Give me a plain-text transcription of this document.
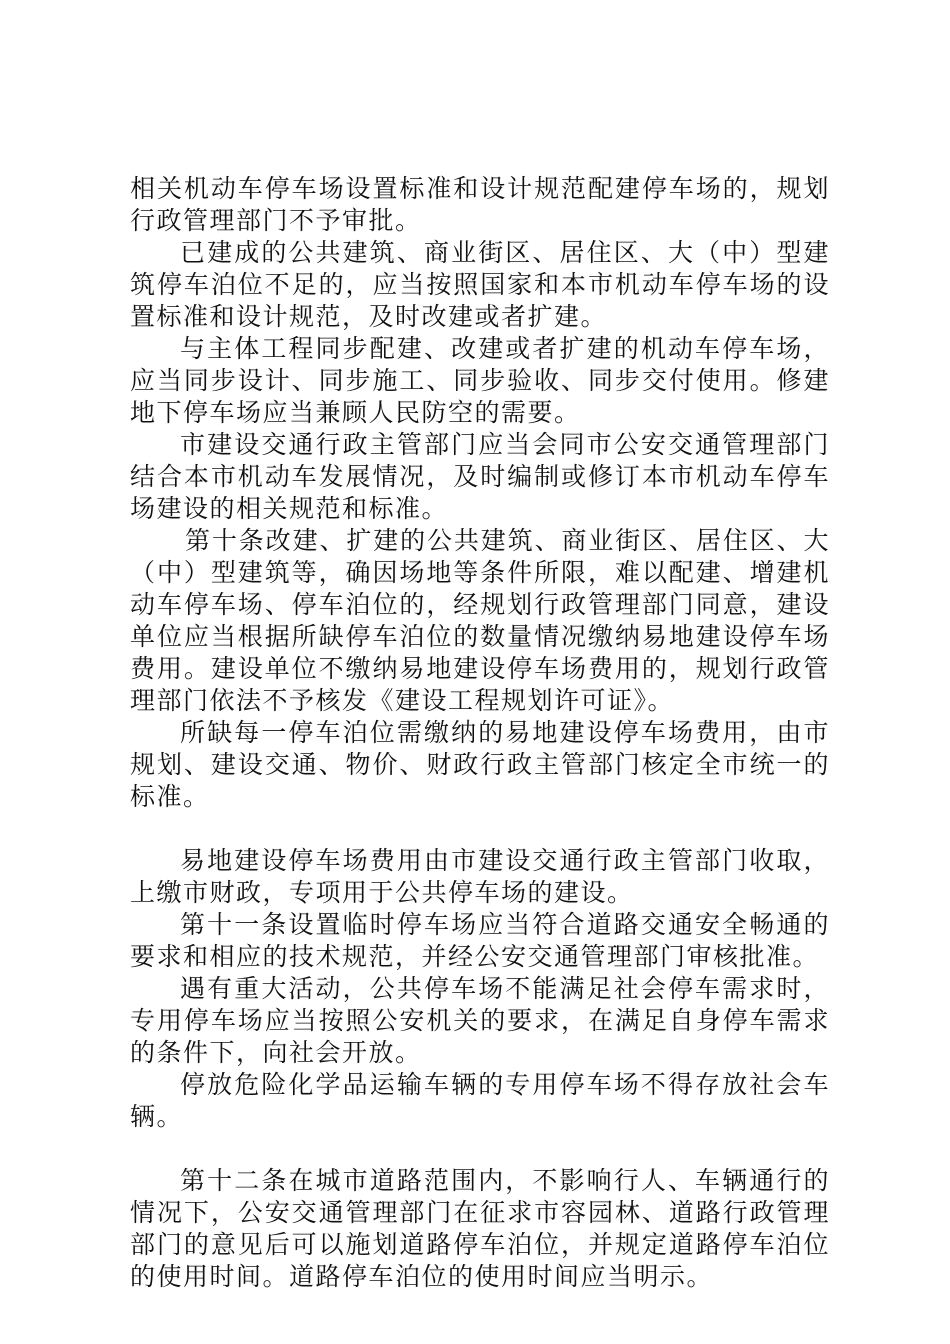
相关机动车停车场设置标准和设计规范配建停车场的，规划行政管理部门不予审批。

已建成的公共建筑、商业街区、居住区、大（中）型建筑停车泊位不足的，应当按照国家和本市机动车停车场的设置标准和设计规范，及时改建或者扩建。

与主体工程同步配建、改建或者扩建的机动车停车场，应当同步设计、同步施工、同步验收、同步交付使用。修建地下停车场应当兼顾人民防空的需要。

市建设交通行政主管部门应当会同市公安交通管理部门结合本市机动车发展情况，及时编制或修订本市机动车停车场建设的相关规范和标准。

第十条改建、扩建的公共建筑、商业街区、居住区、大（中）型建筑等，确因场地等条件所限，难以配建、增建机动车停车场、停车泊位的，经规划行政管理部门同意，建设单位应当根据所缺停车泊位的数量情况缴纳易地建设停车场费用。建设单位不缴纳易地建设停车场费用的，规划行政管理部门依法不予核发《建设工程规划许可证》。

所缺每一停车泊位需缴纳的易地建设停车场费用，由市规划、建设交通、物价、财政行政主管部门核定全市统一的标准。

易地建设停车场费用由市建设交通行政主管部门收取，上缴市财政，专项用于公共停车场的建设。

第十一条设置临时停车场应当符合道路交通安全畅通的要求和相应的技术规范，并经公安交通管理部门审核批准。

遇有重大活动，公共停车场不能满足社会停车需求时，专用停车场应当按照公安机关的要求，在满足自身停车需求的条件下，向社会开放。

停放危险化学品运输车辆的专用停车场不得存放社会车辆。

第十二条在城市道路范围内，不影响行人、车辆通行的情况下，公安交通管理部门在征求市容园林、道路行政管理部门的意见后可以施划道路停车泊位，并规定道路停车泊位的使用时间。道路停车泊位的使用时间应当明示。
